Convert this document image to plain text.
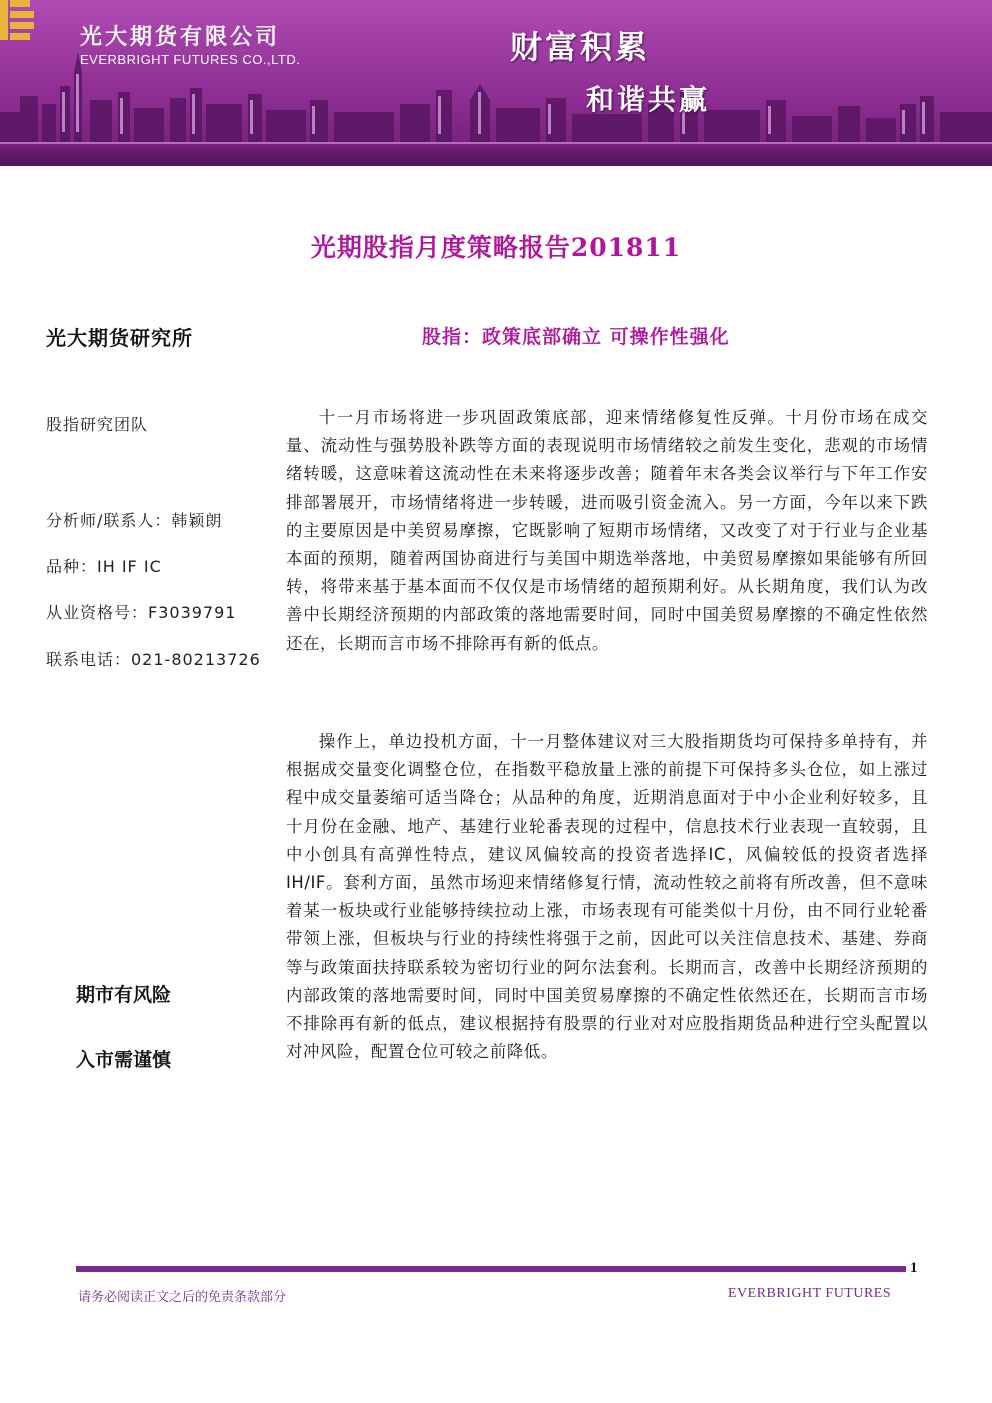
光大期货有限公司
EVERBRIGHT FUTURES CO.,LTD.	财富积累
和谐共赢
光期股指月度策略报告201811
光大期货研究所	股指：政策底部确立 可操作性强化
股指研究团队
分析师/联系人：韩颖朗
品种：IH IF IC
从业资格号：F3039791
联系电话：021-80213726
期市有风险
入市需谨慎

十一月市场将进一步巩固政策底部，迎来情绪修复性反弹。十月份市场在成交量、流动性与强势股补跌等方面的表现说明市场情绪较之前发生变化，悲观的市场情绪转暖，这意味着这流动性在未来将逐步改善；随着年末各类会议举行与下年工作安排部署展开，市场情绪将进一步转暖，进而吸引资金流入。另一方面，今年以来下跌的主要原因是中美贸易摩擦，它既影响了短期市场情绪，又改变了对于行业与企业基本面的预期，随着两国协商进行与美国中期选举落地，中美贸易摩擦如果能够有所回转，将带来基于基本面而不仅仅是市场情绪的超预期利好。从长期角度，我们认为改善中长期经济预期的内部政策的落地需要时间，同时中国美贸易摩擦的不确定性依然还在，长期而言市场不排除再有新的低点。

操作上，单边投机方面，十一月整体建议对三大股指期货均可保持多单持有，并根据成交量变化调整仓位，在指数平稳放量上涨的前提下可保持多头仓位，如上涨过程中成交量萎缩可适当降仓；从品种的角度，近期消息面对于中小企业利好较多，且十月份在金融、地产、基建行业轮番表现的过程中，信息技术行业表现一直较弱，且中小创具有高弹性特点，建议风偏较高的投资者选择IC，风偏较低的投资者选择IH/IF。套利方面，虽然市场迎来情绪修复行情，流动性较之前将有所改善，但不意味着某一板块或行业能够持续拉动上涨，市场表现有可能类似十月份，由不同行业轮番带领上涨，但板块与行业的持续性将强于之前，因此可以关注信息技术、基建、券商等与政策面扶持联系较为密切行业的阿尔法套利。长期而言，改善中长期经济预期的内部政策的落地需要时间，同时中国美贸易摩擦的不确定性依然还在，长期而言市场不排除再有新的低点，建议根据持有股票的行业对对应股指期货品种进行空头配置以对冲风险，配置仓位可较之前降低。

1
请务必阅读正文之后的免责条款部分	EVERBRIGHT FUTURES
